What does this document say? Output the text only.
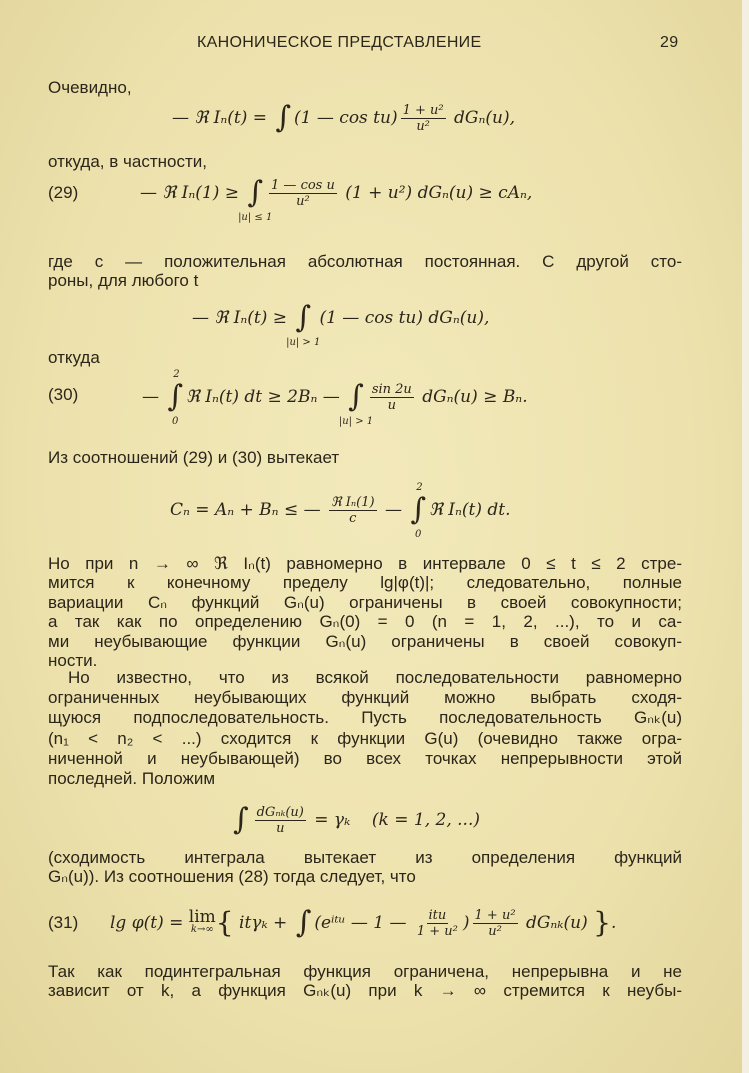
КАНОНИЧЕСКОЕ ПРЕДСТАВЛЕНИЕ	29
Очевидно,
— ℜ Iₙ(t) = ∫ (1 — $\cos tu) \frac{\text{1 + u²}}{\text{u²}} dG_n(u)$,
откуда, в частности,
(29)	— ℜ Iₙ(1) ≥ ∫
|u| ≤ 1
$\frac{\text{1 — cos u}}{\text{u²}} (1 + u^2) dG_n(u) \ge cA_n$,
где c — положительная абсолютная постоянная. С другой сто-
роны, для любого t
— ℜ Iₙ(t) ≥ ∫
|u| > 1
(1 — cos tu) dGₙ(u),
откуда
(30)	—
2
∫
0
ℜ Iₙ(t) dt ≥ 2Bₙ — ∫
|u| > 1
$\frac{\sin 2u}{u} dG_n(u) \ge B_n$.
Из соотношений (29) и (30) вытекает
Cₙ = Aₙ + Bₙ ≤ — $\frac{\text{ℜ Iₙ(1)}}{c}$ —
2
∫
0
ℜ Iₙ(t) dt.
Но при n → ∞ ℜ Iₙ(t) равномерно в интервале 0 ≤ t ≤ 2 стре-
мится к конечному пределу lg|φ(t)|; следовательно, полные
вариации Cₙ функций Gₙ(u) ограничены в своей совокупности;
а так как по определению Gₙ(0) = 0 (n = 1, 2, ...), то и са-
ми неубывающие функции Gₙ(u) ограничены в своей совокуп-
ности.
Но известно, что из всякой последовательности равномерно
ограниченных неубывающих функций можно выбрать сходя-
щуюся подпоследовательность. Пусть последовательность Gₙₖ(u)
(n₁ < n₂ < ...) сходится к функции G(u) (очевидно также огра-
ниченной и неубывающей) во всех точках непрерывности этой
последней. Положим
∫ $\frac{\text{dGₙₖ(u)}}{u} = \gamma_k$    (k = 1, 2, ...)
(сходимость интеграла вытекает из определения функций
Gₙ(u)). Из соотношения (28) тогда следует, что
(31) lg φ(t) = lim
k→∞ { itγₖ + ∫ (eⁱᵗᵘ — 1 — $\frac{\text{itu}}{\text{1 + u²}}$ ) $\frac{\text{1 + u²}}{\text{u²}} dG_{nk}(u)$ } .
Так как подинтегральная функция ограничена, непрерывна и не
зависит от k, а функция Gₙₖ(u) при k → ∞ стремится к неубы-
